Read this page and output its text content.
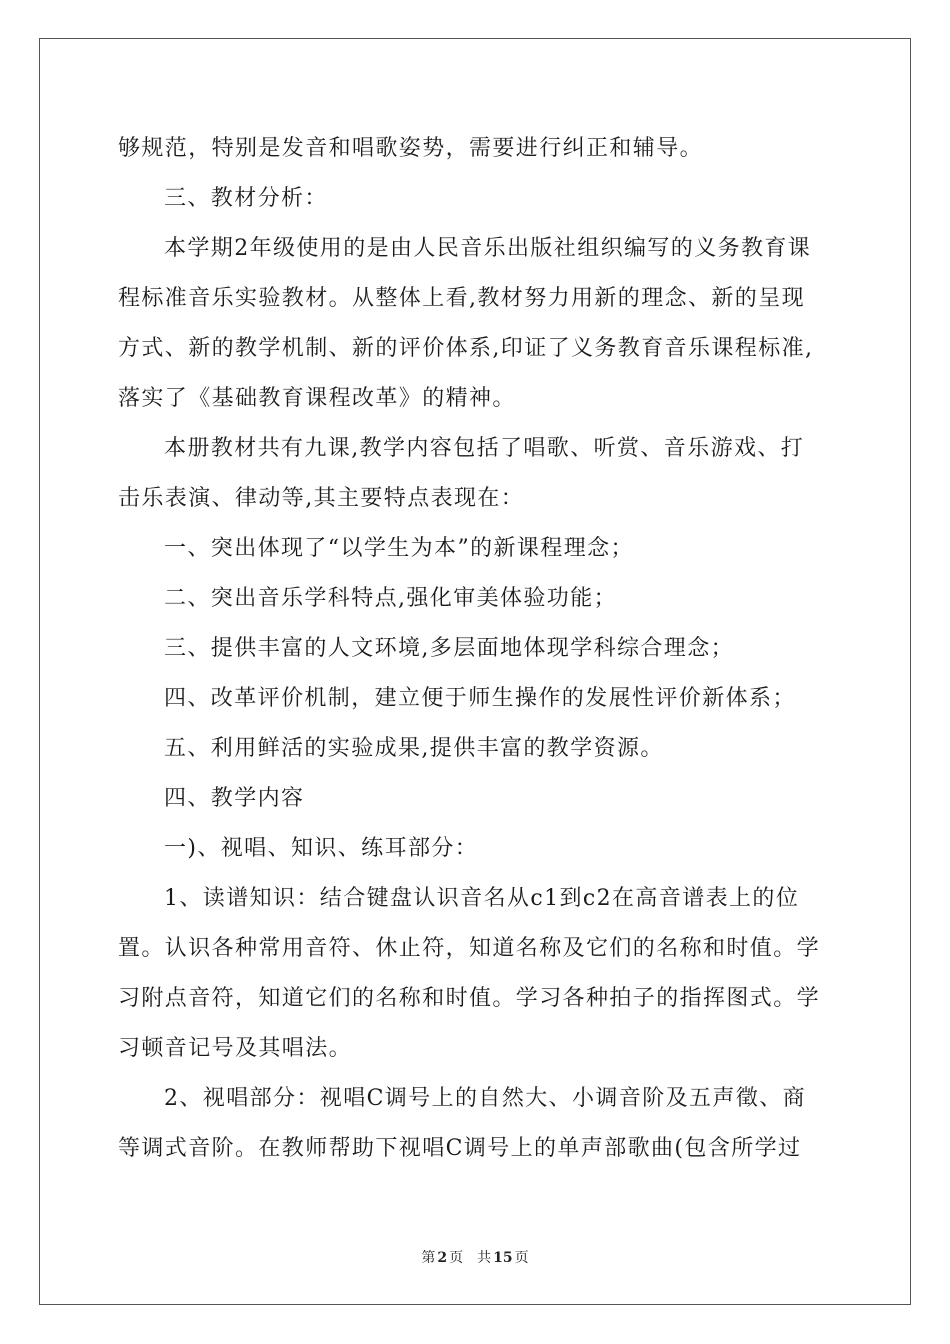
够规范，特别是发音和唱歌姿势，需要进行纠正和辅导。
三、教材分析：
本学期2年级使用的是由人民音乐出版社组织编写的义务教育课
程标准音乐实验教材。从整体上看,教材努力用新的理念、新的呈现
方式、新的教学机制、新的评价体系,印证了义务教育音乐课程标准,
落实了《基础教育课程改革》的精神。
本册教材共有九课,教学内容包括了唱歌、听赏、音乐游戏、打
击乐表演、律动等,其主要特点表现在：
一、突出体现了“以学生为本”的新课程理念；
二、突出音乐学科特点,强化审美体验功能；
三、提供丰富的人文环境,多层面地体现学科综合理念；
四、改革评价机制，建立便于师生操作的发展性评价新体系；
五、利用鲜活的实验成果,提供丰富的教学资源。
四、教学内容
一)、视唱、知识、练耳部分：
1、读谱知识：结合键盘认识音名从c1到c2在高音谱表上的位
置。认识各种常用音符、休止符，知道名称及它们的名称和时值。学
习附点音符，知道它们的名称和时值。学习各种拍子的指挥图式。学
习顿音记号及其唱法。
2、视唱部分：视唱C调号上的自然大、小调音阶及五声徵、商
等调式音阶。在教师帮助下视唱C调号上的单声部歌曲(包含所学过
第 2 页 共 15 页
